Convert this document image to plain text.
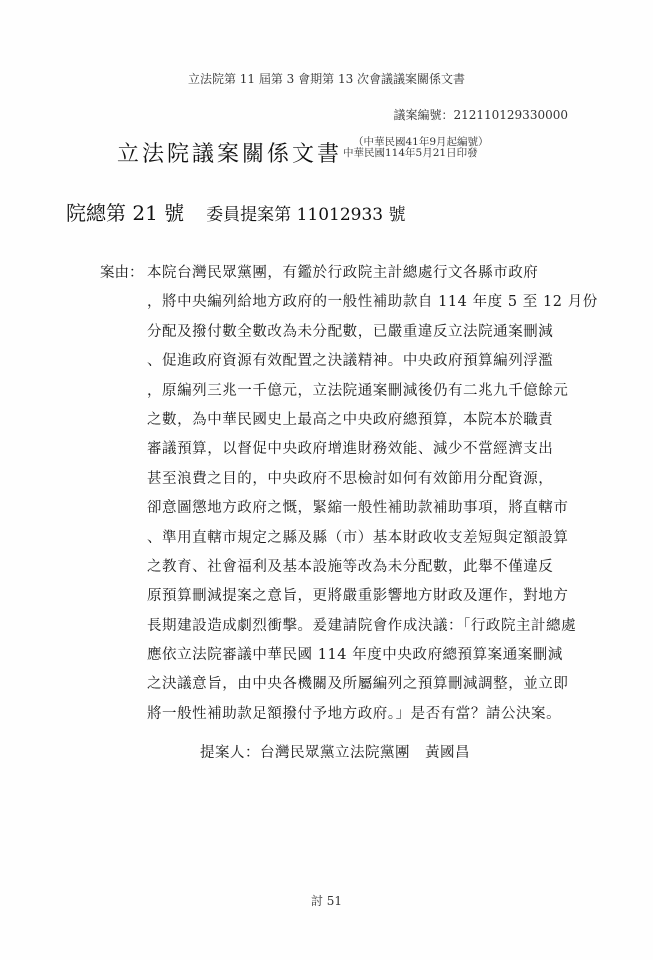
立法院第 11 屆第 3 會期第 13 次會議議案關係文書
議案編號：212110129330000
立法院議案關係文書	（中華民國41年9月起編號）
中華民國114年5月21日印發
院總第 21 號 委員提案第 11012933 號
案由： 本院台灣民眾黨團，有鑑於行政院主計總處行文各縣市政府
，將中央編列給地方政府的一般性補助款自 114 年度 5 至 12 月份
分配及撥付數全數改為未分配數，已嚴重違反立法院通案刪減
、促進政府資源有效配置之決議精神。中央政府預算編列浮濫
，原編列三兆一千億元，立法院通案刪減後仍有二兆九千億餘元
之數，為中華民國史上最高之中央政府總預算，本院本於職責
審議預算，以督促中央政府增進財務效能、減少不當經濟支出
甚至浪費之目的，中央政府不思檢討如何有效節用分配資源，
卻意圖懲地方政府之慨，緊縮一般性補助款補助事項，將直轄市
、準用直轄市規定之縣及縣（市）基本財政收支差短與定額設算
之教育、社會福利及基本設施等改為未分配數，此舉不僅違反
原預算刪減提案之意旨，更將嚴重影響地方財政及運作，對地方
長期建設造成劇烈衝擊。爰建請院會作成決議：「行政院主計總處
應依立法院審議中華民國 114 年度中央政府總預算案通案刪減
之決議意旨，由中央各機關及所屬編列之預算刪減調整，並立即
將一般性補助款足額撥付予地方政府。」是否有當？請公決案。
提案人：台灣民眾黨立法院黨團　黃國昌
討 51
